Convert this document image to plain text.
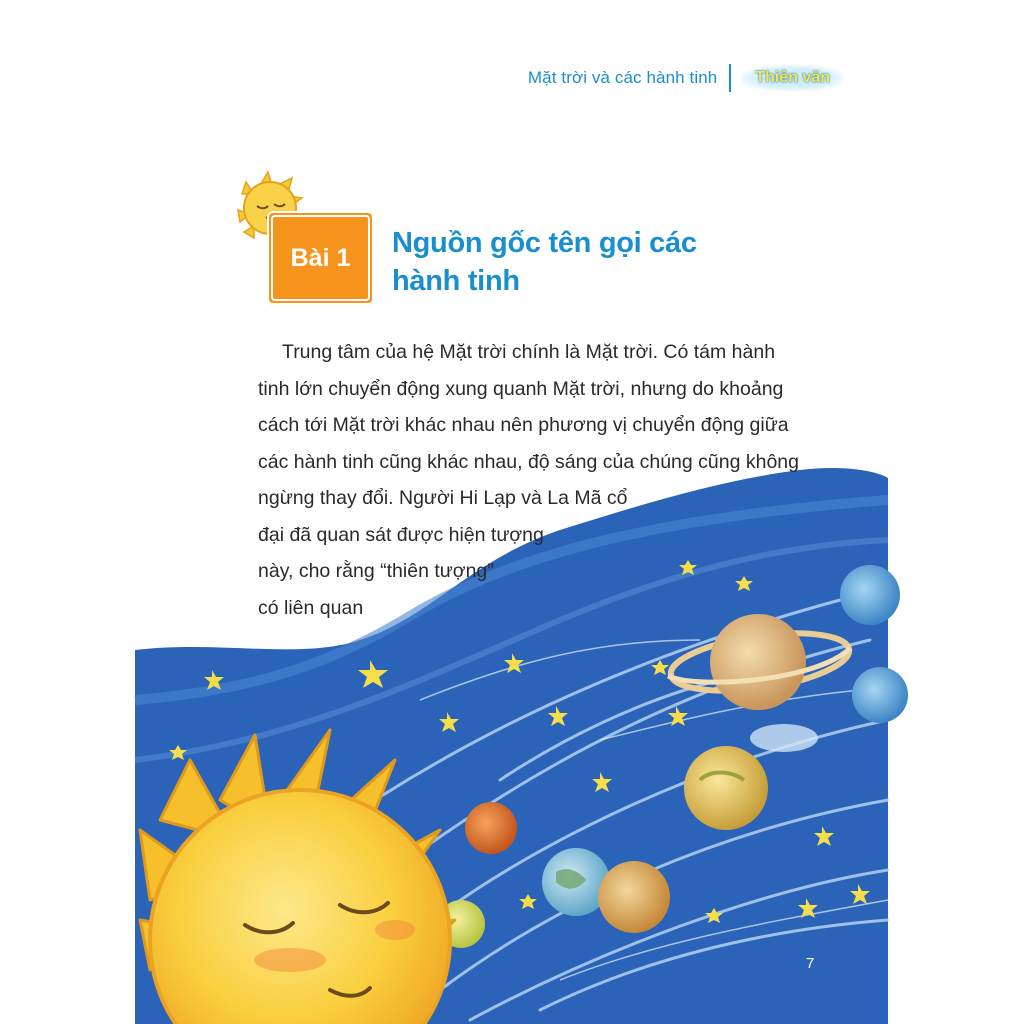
Mặt trời và các hành tinh	Thiên văn
Bài 1 Nguồn gốc tên gọi các hành tinh
Trung tâm của hệ Mặt trời chính là Mặt trời. Có tám hành
tinh lớn chuyển động xung quanh Mặt trời, nhưng do khoảng
cách tới Mặt trời khác nhau nên phương vị chuyển động giữa
các hành tinh cũng khác nhau, độ sáng của chúng cũng không
ngừng thay đổi. Người Hi Lạp và La Mã cổ
đại đã quan sát được hiện tượng
này, cho rằng “thiên tượng”
có liên quan
7
